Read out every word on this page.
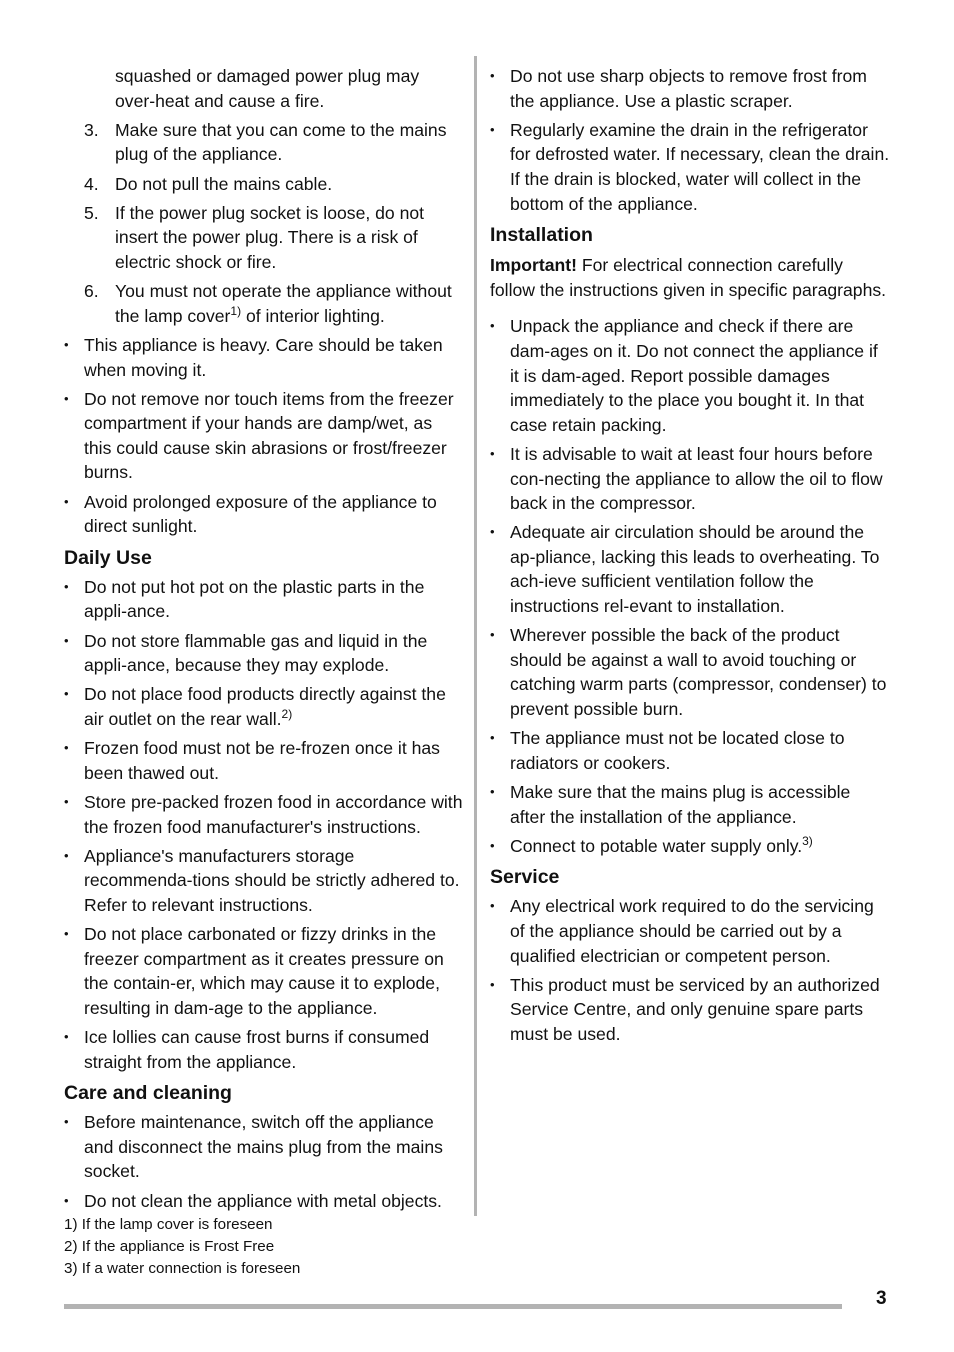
squashed or damaged power plug may over-heat and cause a fire.
3. Make sure that you can come to the mains plug of the appliance.
4. Do not pull the mains cable.
5. If the power plug socket is loose, do not insert the power plug. There is a risk of electric shock or fire.
6. You must not operate the appliance without the lamp cover$^{1)}$ of interior lighting.
• This appliance is heavy. Care should be taken when moving it.
• Do not remove nor touch items from the freezer compartment if your hands are damp/wet, as this could cause skin abrasions or frost/freezer burns.
• Avoid prolonged exposure of the appliance to direct sunlight.
Daily Use
• Do not put hot pot on the plastic parts in the appli-ance.
• Do not store flammable gas and liquid in the appli-ance, because they may explode.
• Do not place food products directly against the air outlet on the rear wall.$^{2)}$
• Frozen food must not be re-frozen once it has been thawed out.
• Store pre-packed frozen food in accordance with the frozen food manufacturer's instructions.
• Appliance's manufacturers storage recommenda-tions should be strictly adhered to. Refer to relevant instructions.
• Do not place carbonated or fizzy drinks in the freezer compartment as it creates pressure on the contain-er, which may cause it to explode, resulting in dam-age to the appliance.
• Ice lollies can cause frost burns if consumed straight from the appliance.
Care and cleaning
• Before maintenance, switch off the appliance and disconnect the mains plug from the mains socket.
• Do not clean the appliance with metal objects.
• Do not use sharp objects to remove frost from the appliance. Use a plastic scraper.
• Regularly examine the drain in the refrigerator for defrosted water. If necessary, clean the drain. If the drain is blocked, water will collect in the bottom of the appliance.
Installation
Important! For electrical connection carefully follow the instructions given in specific paragraphs.
• Unpack the appliance and check if there are dam-ages on it. Do not connect the appliance if it is dam-aged. Report possible damages immediately to the place you bought it. In that case retain packing.
• It is advisable to wait at least four hours before con-necting the appliance to allow the oil to flow back in the compressor.
• Adequate air circulation should be around the ap-pliance, lacking this leads to overheating. To ach-ieve sufficient ventilation follow the instructions rel-evant to installation.
• Wherever possible the back of the product should be against a wall to avoid touching or catching warm parts (compressor, condenser) to prevent possible burn.
• The appliance must not be located close to radiators or cookers.
• Make sure that the mains plug is accessible after the installation of the appliance.
• Connect to potable water supply only.$^{3)}$
Service
• Any electrical work required to do the servicing of the appliance should be carried out by a qualified electrician or competent person.
• This product must be serviced by an authorized Service Centre, and only genuine spare parts must be used.
1) If the lamp cover is foreseen
2) If the appliance is Frost Free
3) If a water connection is foreseen
3
